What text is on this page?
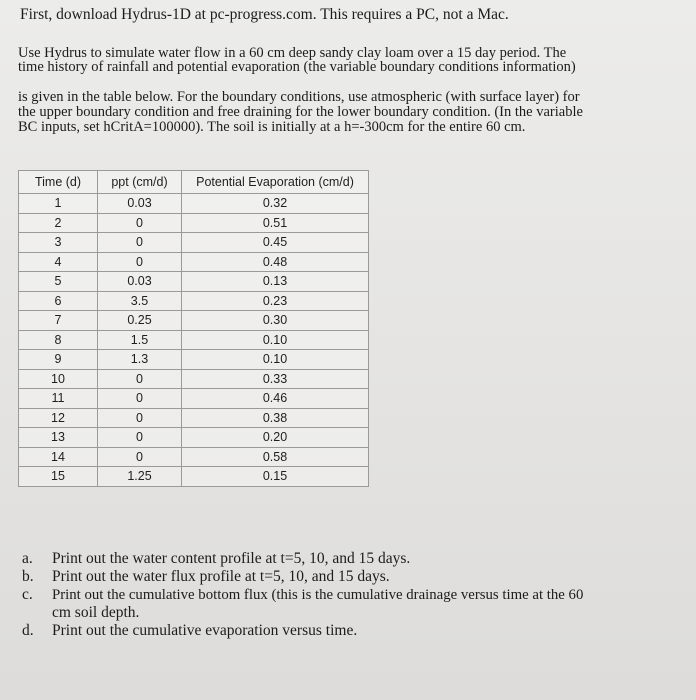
First, download Hydrus-1D at pc-progress.com. This requires a PC, not a Mac.
Use Hydrus to simulate water flow in a 60 cm deep sandy clay loam over a 15 day period. The
time history of rainfall and potential evaporation (the variable boundary conditions information)
is given in the table below. For the boundary conditions, use atmospheric (with surface layer) for
the upper boundary condition and free draining for the lower boundary condition. (In the variable
BC inputs, set hCritA=100000). The soil is initially at a h=-300cm for the entire 60 cm.
Time (d)	ppt (cm/d)	Potential Evaporation (cm/d)
1	0.03	0.32
2	0	0.51
3	0	0.45
4	0	0.48
5	0.03	0.13
6	3.5	0.23
7	0.25	0.30
8	1.5	0.10
9	1.3	0.10
10	0	0.33
11	0	0.46
12	0	0.38
13	0	0.20
14	0	0.58
15	1.25	0.15
a.	Print out the water content profile at t=5, 10, and 15 days.
b.	Print out the water flux profile at t=5, 10, and 15 days.
c.	Print out the cumulative bottom flux (this is the cumulative drainage versus time at the 60
cm soil depth.
d.	Print out the cumulative evaporation versus time.
